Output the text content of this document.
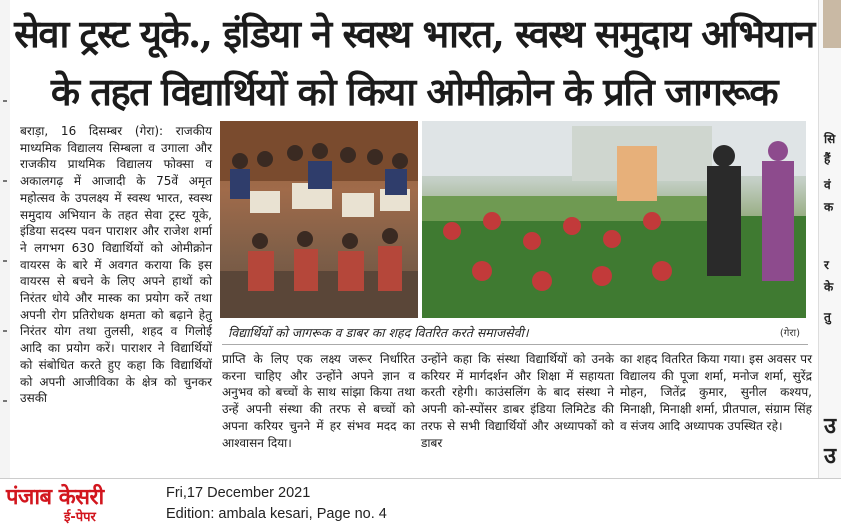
सि
हैं
वं
क
र
के
तु
उ
उ
सेवा ट्रस्ट यूके., इंडिया ने स्वस्थ भारत, स्वस्थ समुदाय अभियान
के तहत विद्यार्थियों को किया ओमीक्रोन के प्रति जागरूक
बराड़ा, 16 दिसम्बर (गेरा): राजकीय माध्यमिक विद्यालय सिम्बला व उगाला और राजकीय प्राथमिक विद्यालय फोक्सा व अकालगढ़ में आजादी के 75वें अमृत महोत्सव के उपलक्ष्य में स्वस्थ भारत, स्वस्थ समुदाय अभियान के तहत सेवा ट्रस्ट यूके, इंडिया सदस्य पवन पाराशर और राजेश शर्मा ने लगभग 630 विद्यार्थियों को ओमीक्रोन वायरस के बारे में अवगत कराया कि इस वायरस से बचने के लिए अपने हाथों को निरंतर धोये और मास्क का प्रयोग करें तथा अपनी रोग प्रतिरोधक क्षमता को बढ़ाने हेतु निरंतर योग तथा तुलसी, शहद व गिलोई आदि का प्रयोग करें। पाराशर ने विद्यार्थियों को संबोधित करते हुए कहा कि विद्यार्थियों को अपनी आजीविका के क्षेत्र को चुनकर उसकी
विद्यार्थियों को जागरूक व डाबर का शहद वितरित करते समाजसेवी।	(गेरा)
प्राप्ति के लिए एक लक्ष्य जरूर निर्धारित करना चाहिए और उन्होंने अपने ज्ञान व अनुभव को बच्चों के साथ सांझा किया तथा उन्हें अपनी संस्था की तरफ से बच्चों को अपना करियर चुनने में हर संभव मदद का आश्वासन दिया।
उन्होंने कहा कि संस्था विद्यार्थियों को उनके करियर में मार्गदर्शन और शिक्षा में सहायता करती रहेगी। काउंसलिंग के बाद संस्था ने अपनी को-स्पोंसर डाबर इंडिया लिमिटेड की तरफ से सभी विद्यार्थियों और अध्यापकों को डाबर
का शहद वितरित किया गया। इस अवसर पर विद्यालय की पूजा शर्मा, मनोज शर्मा, सुरेंद्र मोहन, जितेंद्र कुमार, सुनील कश्यप, मिनाक्षी, मिनाक्षी शर्मा, प्रीतपाल, संग्राम सिंह व संजय आदि अध्यापक उपस्थित रहे।
पंजाब केसरी
ई-पेपर
Fri,17 December 2021
Edition: ambala kesari, Page no. 4
